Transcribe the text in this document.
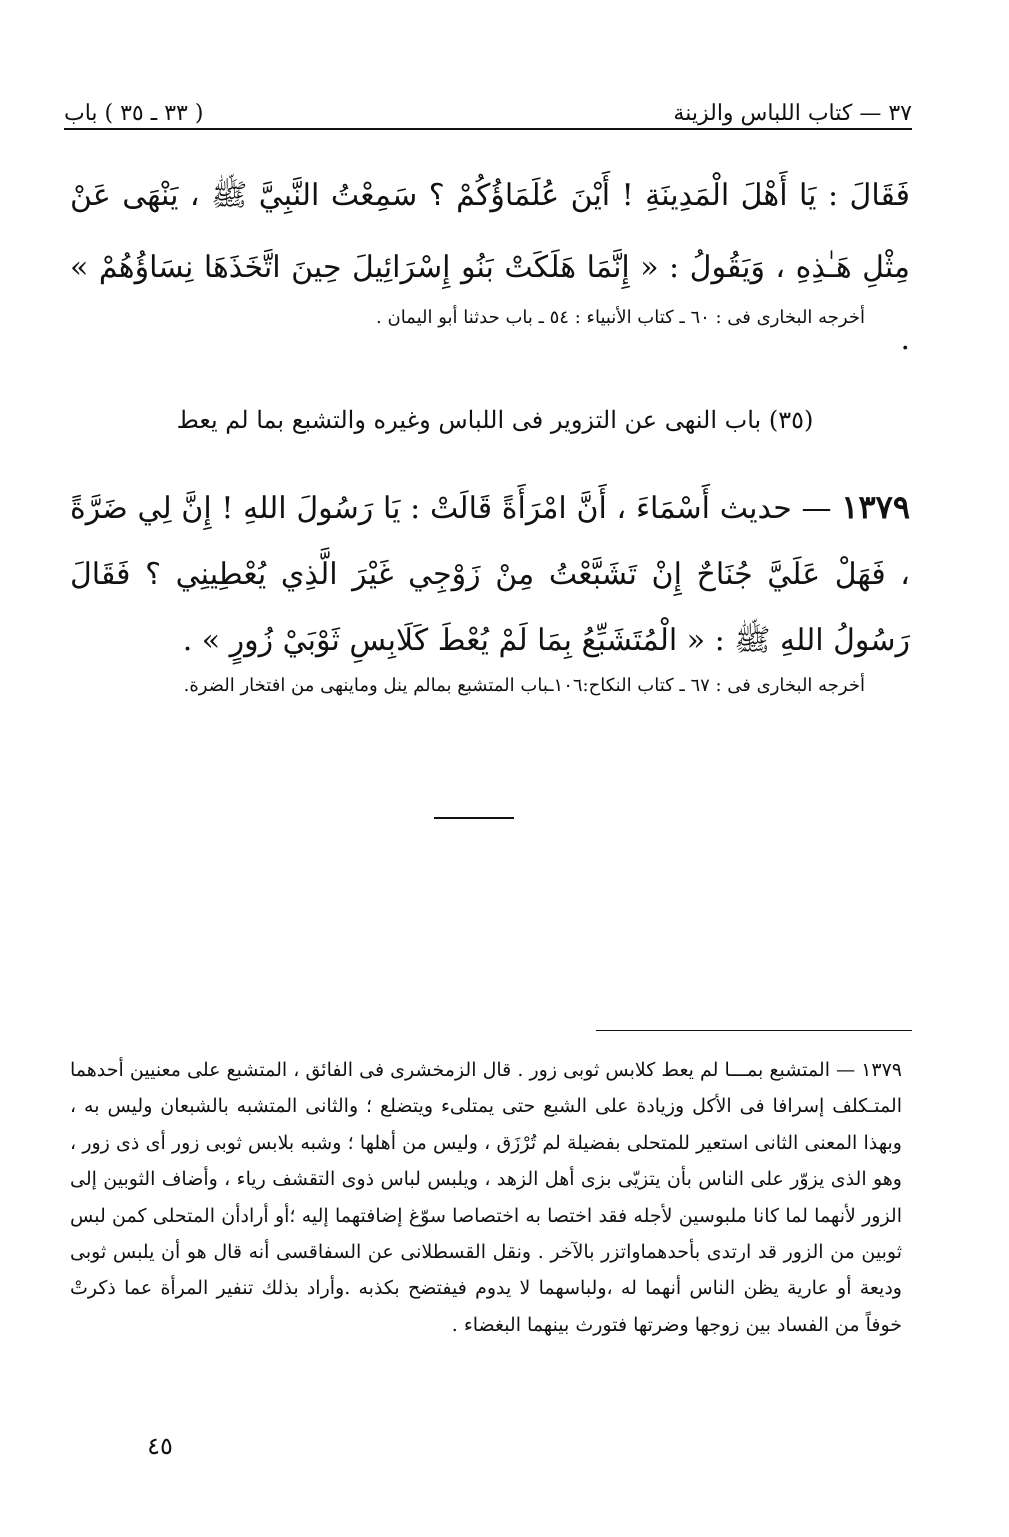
٣٧ — كتاب اللباس والزينة
( ٣٣ ـ ٣٥ ) باب
فَقَالَ : يَا أَهْلَ الْمَدِينَةِ ! أَيْنَ عُلَمَاؤُكُمْ ؟ سَمِعْتُ النَّبِيَّ ﷺ ، يَنْهَى عَنْ مِثْلِ هَـٰذِهِ ، وَيَقُولُ : « إِنَّمَا هَلَكَتْ بَنُو إِسْرَائِيلَ حِينَ اتَّخَذَهَا نِسَاؤُهُمْ » .
أخرجه البخارى فى : ٦٠ ـ كتاب الأنبياء : ٥٤ ـ باب حدثنا أبو اليمان .
(٣٥) باب النهى عن التزوير فى اللباس وغيره والتشبع بما لم يعط
١٣٧٩ — حديث أَسْمَاءَ ، أَنَّ امْرَأَةً قَالَتْ : يَا رَسُولَ اللهِ ! إِنَّ لِي ضَرَّةً ، فَهَلْ عَلَيَّ جُنَاحٌ إِنْ تَشَبَّعْتُ مِنْ زَوْجِي غَيْرَ الَّذِي يُعْطِينِي ؟ فَقَالَ رَسُولُ اللهِ ﷺ : « الْمُتَشَبِّعُ بِمَا لَمْ يُعْطَ كَلَابِسِ ثَوْبَيْ زُورٍ » .
أخرجه البخارى فى : ٦٧ ـ كتاب النكاح:١٠٦ـباب المتشبع بمالم ينل وماينهى من افتخار الضرة.
١٣٧٩ — المتشبع بمـــا لم يعط كلابس ثوبى زور . قال الزمخشرى فى الفائق ، المتشبع على معنيين أحدهما المتـكلف إسرافا فى الأكل وزيادة على الشبع حتى يمتلىء ويتضلع ؛ والثانى المتشبه بالشبعان وليس به ، وبهذا المعنى الثانى استعير للمتحلى بفضيلة لم تُرْزَق ، وليس من أهلها ؛ وشبه بلابس ثوبى زور أى ذى زور ، وهو الذى يزوّر على الناس بأن يتزيّى بزى أهل الزهد ، ويلبس لباس ذوى التقشف رياء ، وأضاف الثوبين إلى الزور لأنهما لما كانا ملبوسين لأجله فقد اختصا به اختصاصا سوّغ إضافتهما إليه ؛أو أرادأن المتحلى كمن لبس ثوبين من الزور قد ارتدى بأحدهماواتزر بالآخر . ونقل القسطلانى عن السفاقسى أنه قال هو أن يلبس ثوبى وديعة أو عارية يظن الناس أنهما له ،ولباسهما لا يدوم فيفتضح بكذبه .وأراد بذلك تنفير المرأة عما ذكرتْ خوفاً من الفساد بين زوجها وضرتها فتورث بينهما البغضاء .
٤٥
